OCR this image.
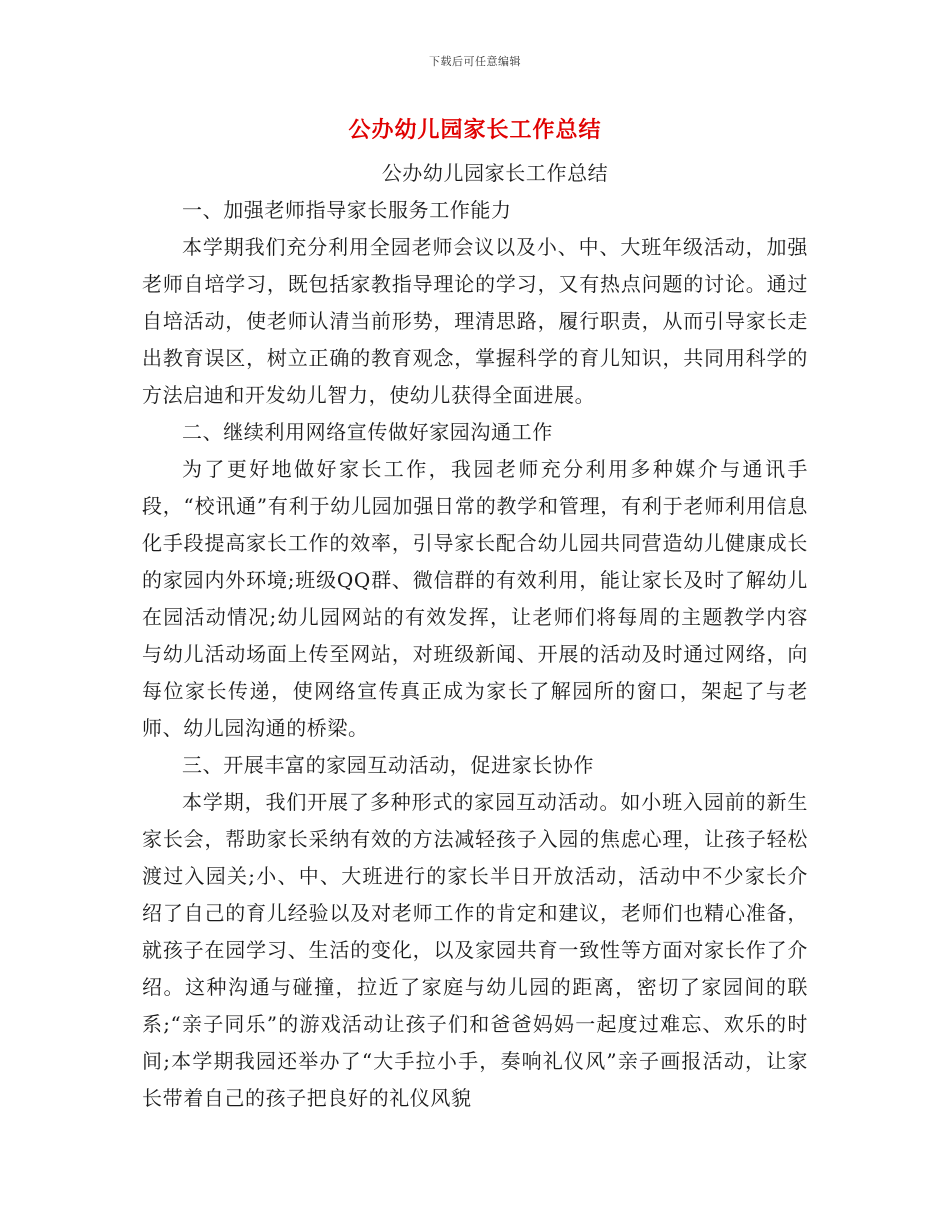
下载后可任意编辑
公办幼儿园家长工作总结

公办幼儿园家长工作总结

一、加强老师指导家长服务工作能力

本学期我们充分利用全园老师会议以及小、中、大班年级活动，加强老师自培学习，既包括家教指导理论的学习，又有热点问题的讨论。通过自培活动，使老师认清当前形势，理清思路，履行职责，从而引导家长走出教育误区，树立正确的教育观念，掌握科学的育儿知识，共同用科学的方法启迪和开发幼儿智力，使幼儿获得全面进展。

二、继续利用网络宣传做好家园沟通工作

为了更好地做好家长工作，我园老师充分利用多种媒介与通讯手段，“校讯通”有利于幼儿园加强日常的教学和管理，有利于老师利用信息化手段提高家长工作的效率，引导家长配合幼儿园共同营造幼儿健康成长的家园内外环境;班级QQ群、微信群的有效利用，能让家长及时了解幼儿在园活动情况;幼儿园网站的有效发挥，让老师们将每周的主题教学内容与幼儿活动场面上传至网站，对班级新闻、开展的活动及时通过网络，向每位家长传递，使网络宣传真正成为家长了解园所的窗口，架起了与老师、幼儿园沟通的桥梁。

三、开展丰富的家园互动活动，促进家长协作

本学期，我们开展了多种形式的家园互动活动。如小班入园前的新生家长会，帮助家长采纳有效的方法减轻孩子入园的焦虑心理，让孩子轻松渡过入园关;小、中、大班进行的家长半日开放活动，活动中不少家长介绍了自己的育儿经验以及对老师工作的肯定和建议，老师们也精心准备，就孩子在园学习、生活的变化，以及家园共育一致性等方面对家长作了介绍。这种沟通与碰撞，拉近了家庭与幼儿园的距离，密切了家园间的联系;“亲子同乐”的游戏活动让孩子们和爸爸妈妈一起度过难忘、欢乐的时间;本学期我园还举办了“大手拉小手，奏响礼仪风”亲子画报活动，让家长带着自己的孩子把良好的礼仪风貌
